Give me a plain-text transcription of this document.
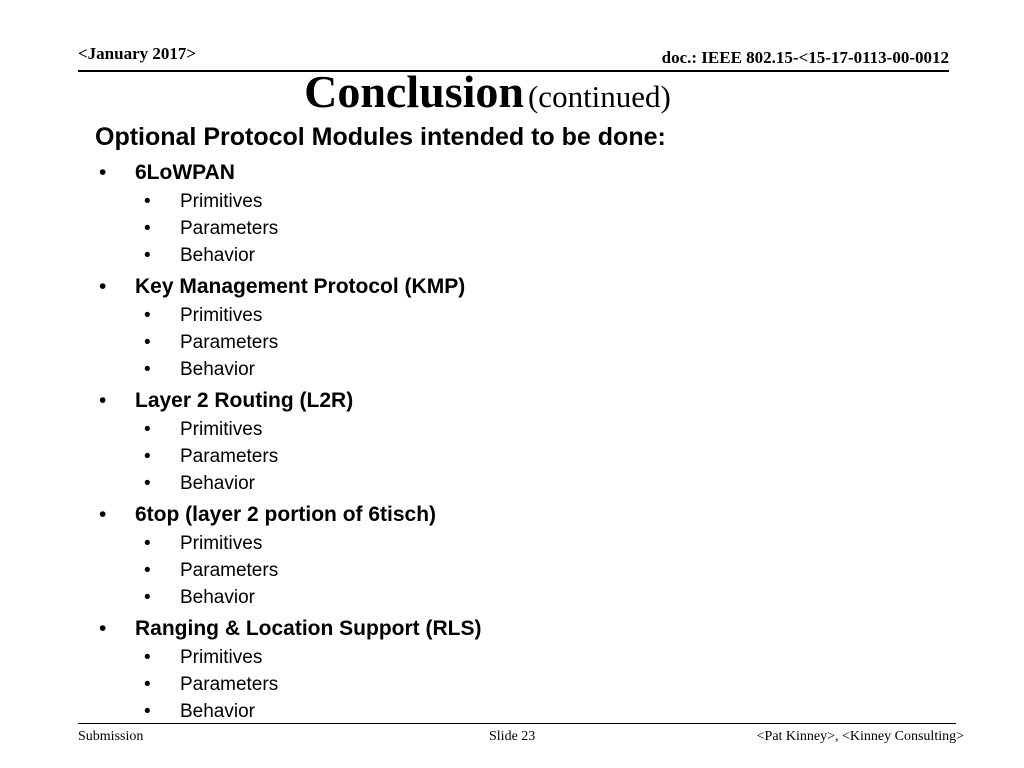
<January 2017>	doc.: IEEE 802.15-<15-17-0113-00-0012
Conclusion (continued)
Optional Protocol Modules intended to be done:
• 6LoWPAN
• Primitives
• Parameters
• Behavior
• Key Management Protocol (KMP)
• Primitives
• Parameters
• Behavior
• Layer 2 Routing (L2R)
• Primitives
• Parameters
• Behavior
• 6top (layer 2 portion of 6tisch)
• Primitives
• Parameters
• Behavior
• Ranging & Location Support (RLS)
• Primitives
• Parameters
• Behavior
Submission	Slide 23	<Pat Kinney>, <Kinney Consulting>
